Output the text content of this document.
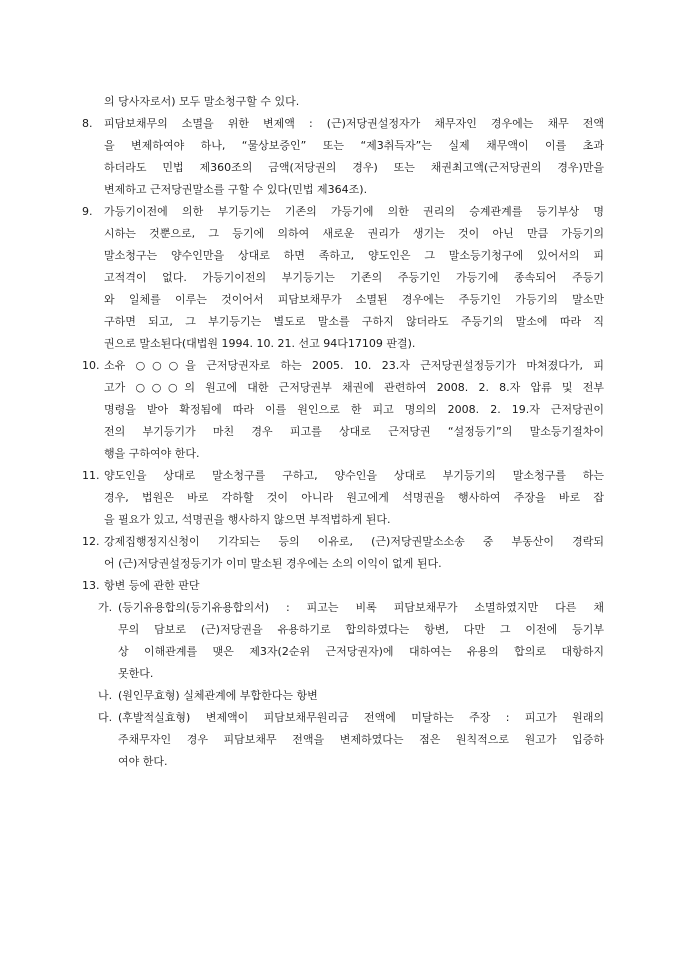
의 당사자로서) 모두 말소청구할 수 있다.
8. 피담보채무의 소멸을 위한 변제액 : (근)저당권설정자가 채무자인 경우에는 채무 전액
을 변제하여야 하나, “물상보증인” 또는 “제3취득자”는 실제 채무액이 이를 초과
하더라도 민법 제360조의 금액(저당권의 경우) 또는 채권최고액(근저당권의 경우)만을
변제하고 근저당권말소를 구할 수 있다(민법 제364조).
9. 가등기이전에 의한 부기등기는 기존의 가등기에 의한 권리의 승계관계를 등기부상 명
시하는 것뿐으로, 그 등기에 의하여 새로운 권리가 생기는 것이 아닌 만큼 가등기의
말소청구는 양수인만을 상대로 하면 족하고, 양도인은 그 말소등기청구에 있어서의 피
고적격이 없다. 가등기이전의 부기등기는 기존의 주등기인 가등기에 종속되어 주등기
와 일체를 이루는 것이어서 피담보채무가 소멸된 경우에는 주등기인 가등기의 말소만
구하면 되고, 그 부기등기는 별도로 말소를 구하지 않더라도 주등기의 말소에 따라 직
권으로 말소된다(대법원 1994. 10. 21. 선고 94다17109 판결).
10. 소유 ○○○을 근저당권자로 하는 2005. 10. 23.자 근저당권설정등기가 마쳐졌다가, 피
고가 ○○○의 원고에 대한 근저당권부 채권에 관련하여 2008. 2. 8.자 압류 및 전부
명령을 받아 확정됨에 따라 이를 원인으로 한 피고 명의의 2008. 2. 19.자 근저당권이
전의 부기등기가 마친 경우 피고를 상대로 근저당권 “설정등기”의 말소등기절차이
행을 구하여야 한다.
11. 양도인을 상대로 말소청구를 구하고, 양수인을 상대로 부기등기의 말소청구를 하는
경우, 법원은 바로 각하할 것이 아니라 원고에게 석명권을 행사하여 주장을 바로 잡
을 필요가 있고, 석명권을 행사하지 않으면 부적법하게 된다.
12. 강제집행정지신청이 기각되는 등의 이유로, (근)저당권말소소송 중 부동산이 경락되
어 (근)저당권설정등기가 이미 말소된 경우에는 소의 이익이 없게 된다.
13. 항변 등에 관한 판단
가. (등기유용합의(등기유용합의서) : 피고는 비록 피담보채무가 소멸하였지만 다른 채
무의 담보로 (근)저당권을 유용하기로 합의하였다는 항변, 다만 그 이전에 등기부
상 이해관계를 맺은 제3자(2순위 근저당권자)에 대하여는 유용의 합의로 대항하지
못한다.
나. (원인무효형) 실체관계에 부합한다는 항변
다. (후발적실효형) 변제액이 피담보채무원리금 전액에 미달하는 주장 : 피고가 원래의
주채무자인 경우 피담보채무 전액을 변제하였다는 점은 원칙적으로 원고가 입증하
여야 한다.
